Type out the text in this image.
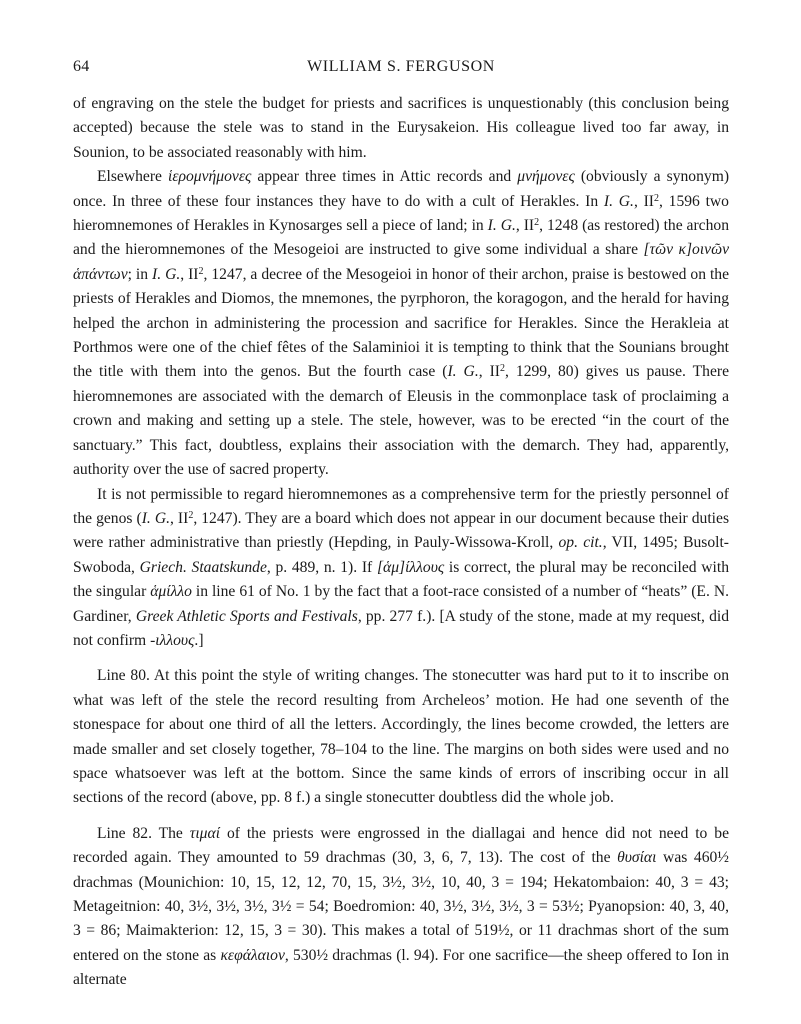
64	WILLIAM S. FERGUSON

of engraving on the stele the budget for priests and sacrifices is unquestionably (this conclusion being accepted) because the stele was to stand in the Eurysakeion. His colleague lived too far away, in Sounion, to be associated reasonably with him.

Elsewhere ἱερομνήμονες appear three times in Attic records and μνήμονες (obviously a synonym) once. In three of these four instances they have to do with a cult of Herakles. In I. G., $II^2$, 1596 two hieromnemones of Herakles in Kynosarges sell a piece of land; in I. G., $II^2$, 1248 (as restored) the archon and the hieromnemones of the Mesogeioi are instructed to give some individual a share [τῶν κ]οινῶν ἁπάντων; in I. G., $II^2$, 1247, a decree of the Mesogeioi in honor of their archon, praise is bestowed on the priests of Herakles and Diomos, the mnemones, the pyrphoron, the koragogon, and the herald for having helped the archon in administering the procession and sacrifice for Herakles. Since the Herakleia at Porthmos were one of the chief fêtes of the Salaminioi it is tempting to think that the Sounians brought the title with them into the genos. But the fourth case (I. G., $II^2$, 1299, 80) gives us pause. There hieromnemones are associated with the demarch of Eleusis in the commonplace task of proclaiming a crown and making and setting up a stele. The stele, however, was to be erected “in the court of the sanctuary.” This fact, doubtless, explains their association with the demarch. They had, apparently, authority over the use of sacred property.

It is not permissible to regard hieromnemones as a comprehensive term for the priestly personnel of the genos (I. G., $II^2$, 1247). They are a board which does not appear in our document because their duties were rather administrative than priestly (Hepding, in Pauly-Wissowa-Kroll, op. cit., VII, 1495; Busolt-Swoboda, Griech. Staatskunde, p. 489, n. 1). If [ἁμ]ίλλους is correct, the plural may be reconciled with the singular ἁμίλλο in line 61 of No. 1 by the fact that a foot-race consisted of a number of “heats” (E. N. Gardiner, Greek Athletic Sports and Festivals, pp. 277 f.). [A study of the stone, made at my request, did not confirm -ιλλους.]

Line 80. At this point the style of writing changes. The stonecutter was hard put to it to inscribe on what was left of the stele the record resulting from Archeleos’ motion. He had one seventh of the stonespace for about one third of all the letters. Accordingly, the lines become crowded, the letters are made smaller and set closely together, 78–104 to the line. The margins on both sides were used and no space whatsoever was left at the bottom. Since the same kinds of errors of inscribing occur in all sections of the record (above, pp. 8 f.) a single stonecutter doubtless did the whole job.

Line 82. The τιμαί of the priests were engrossed in the diallagai and hence did not need to be recorded again. They amounted to 59 drachmas (30, 3, 6, 7, 13). The cost of the θυσίαι was 460½ drachmas (Mounichion: 10, 15, 12, 12, 70, 15, 3½, 3½, 10, 40, 3 = 194; Hekatombaion: 40, 3 = 43; Metageitnion: 40, 3½, 3½, 3½, 3½ = 54; Boedromion: 40, 3½, 3½, 3½, 3 = 53½; Pyanopsion: 40, 3, 40, 3 = 86; Maimakterion: 12, 15, 3 = 30). This makes a total of 519½, or 11 drachmas short of the sum entered on the stone as κεφάλαιον, 530½ drachmas (l. 94). For one sacrifice—the sheep offered to Ion in alternate
